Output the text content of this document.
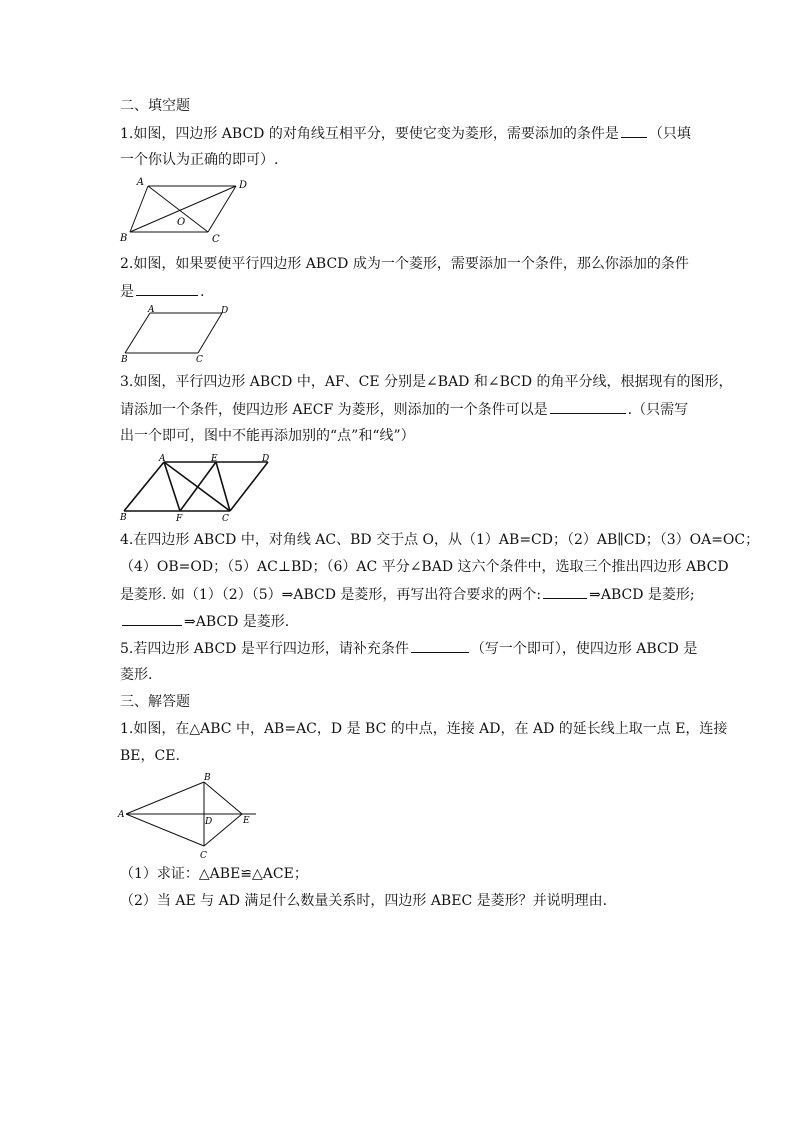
二、填空题
1.如图，四边形 ABCD 的对角线互相平分，要使它变为菱形，需要添加的条件是 （只填
一个你认为正确的即可）.
A	D
O
B	C
2.如图，如果要使平行四边形 ABCD 成为一个菱形，需要添加一个条件，那么你添加的条件
是	.
A	D
B	C
3.如图，平行四边形 ABCD 中，AF、CE 分别是∠BAD 和∠BCD 的角平分线，根据现有的图形，
请添加一个条件，使四边形 AECF 为菱形，则添加的一个条件可以是	.（只需写
出一个即可，图中不能再添加别的“点”和“线”）
A	E	D
B	F	C
4.在四边形 ABCD 中，对角线 AC、BD 交于点 O，从（1）AB=CD；（2）AB∥CD；（3）OA=OC；
（4）OB=OD；（5）AC⊥BD；（6）AC 平分∠BAD 这六个条件中，选取三个推出四边形 ABCD
是菱形. 如（1）（2）（5）⇒ABCD 是菱形，再写出符合要求的两个:	⇒ABCD 是菱形;
⇒ABCD 是菱形.
5.若四边形 ABCD 是平行四边形，请补充条件	（写一个即可），使四边形 ABCD 是
菱形.
三、解答题
1.如图，在△ABC 中，AB=AC，D 是 BC 的中点，连接 AD，在 AD 的延长线上取一点 E，连接
BE，CE.
A
B
C
D	E
（1）求证：△ABE≌△ACE；
（2）当 AE 与 AD 满足什么数量关系时，四边形 ABEC 是菱形？并说明理由.
